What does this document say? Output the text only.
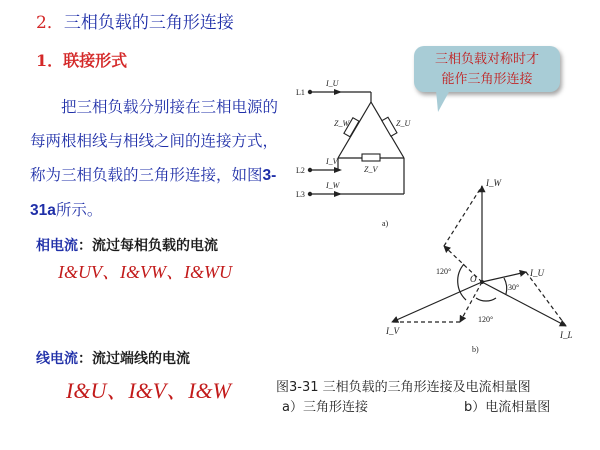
2．三相负载的三角形连接
1．联接形式
把三相负载分别接在三相电源的每两根相线与相线之间的连接方式，称为三相负载的三角形连接，如图3-31a所示。
相电流：流过每相负载的电流
I&UV、I&VW、I&WU
线电流：流过端线的电流
I&U、I&V、I&W
L1
L2
L3
I_U
I_V
I_W
Z_W	Z_U
Z_V
a)
I_W
I_U
I_V	I_L
O
120°
30°
120°
b)
三相负载对称时才
能作三角形连接
图3-31 三相负载的三角形连接及电流相量图
a）三角形连接	b）电流相量图
